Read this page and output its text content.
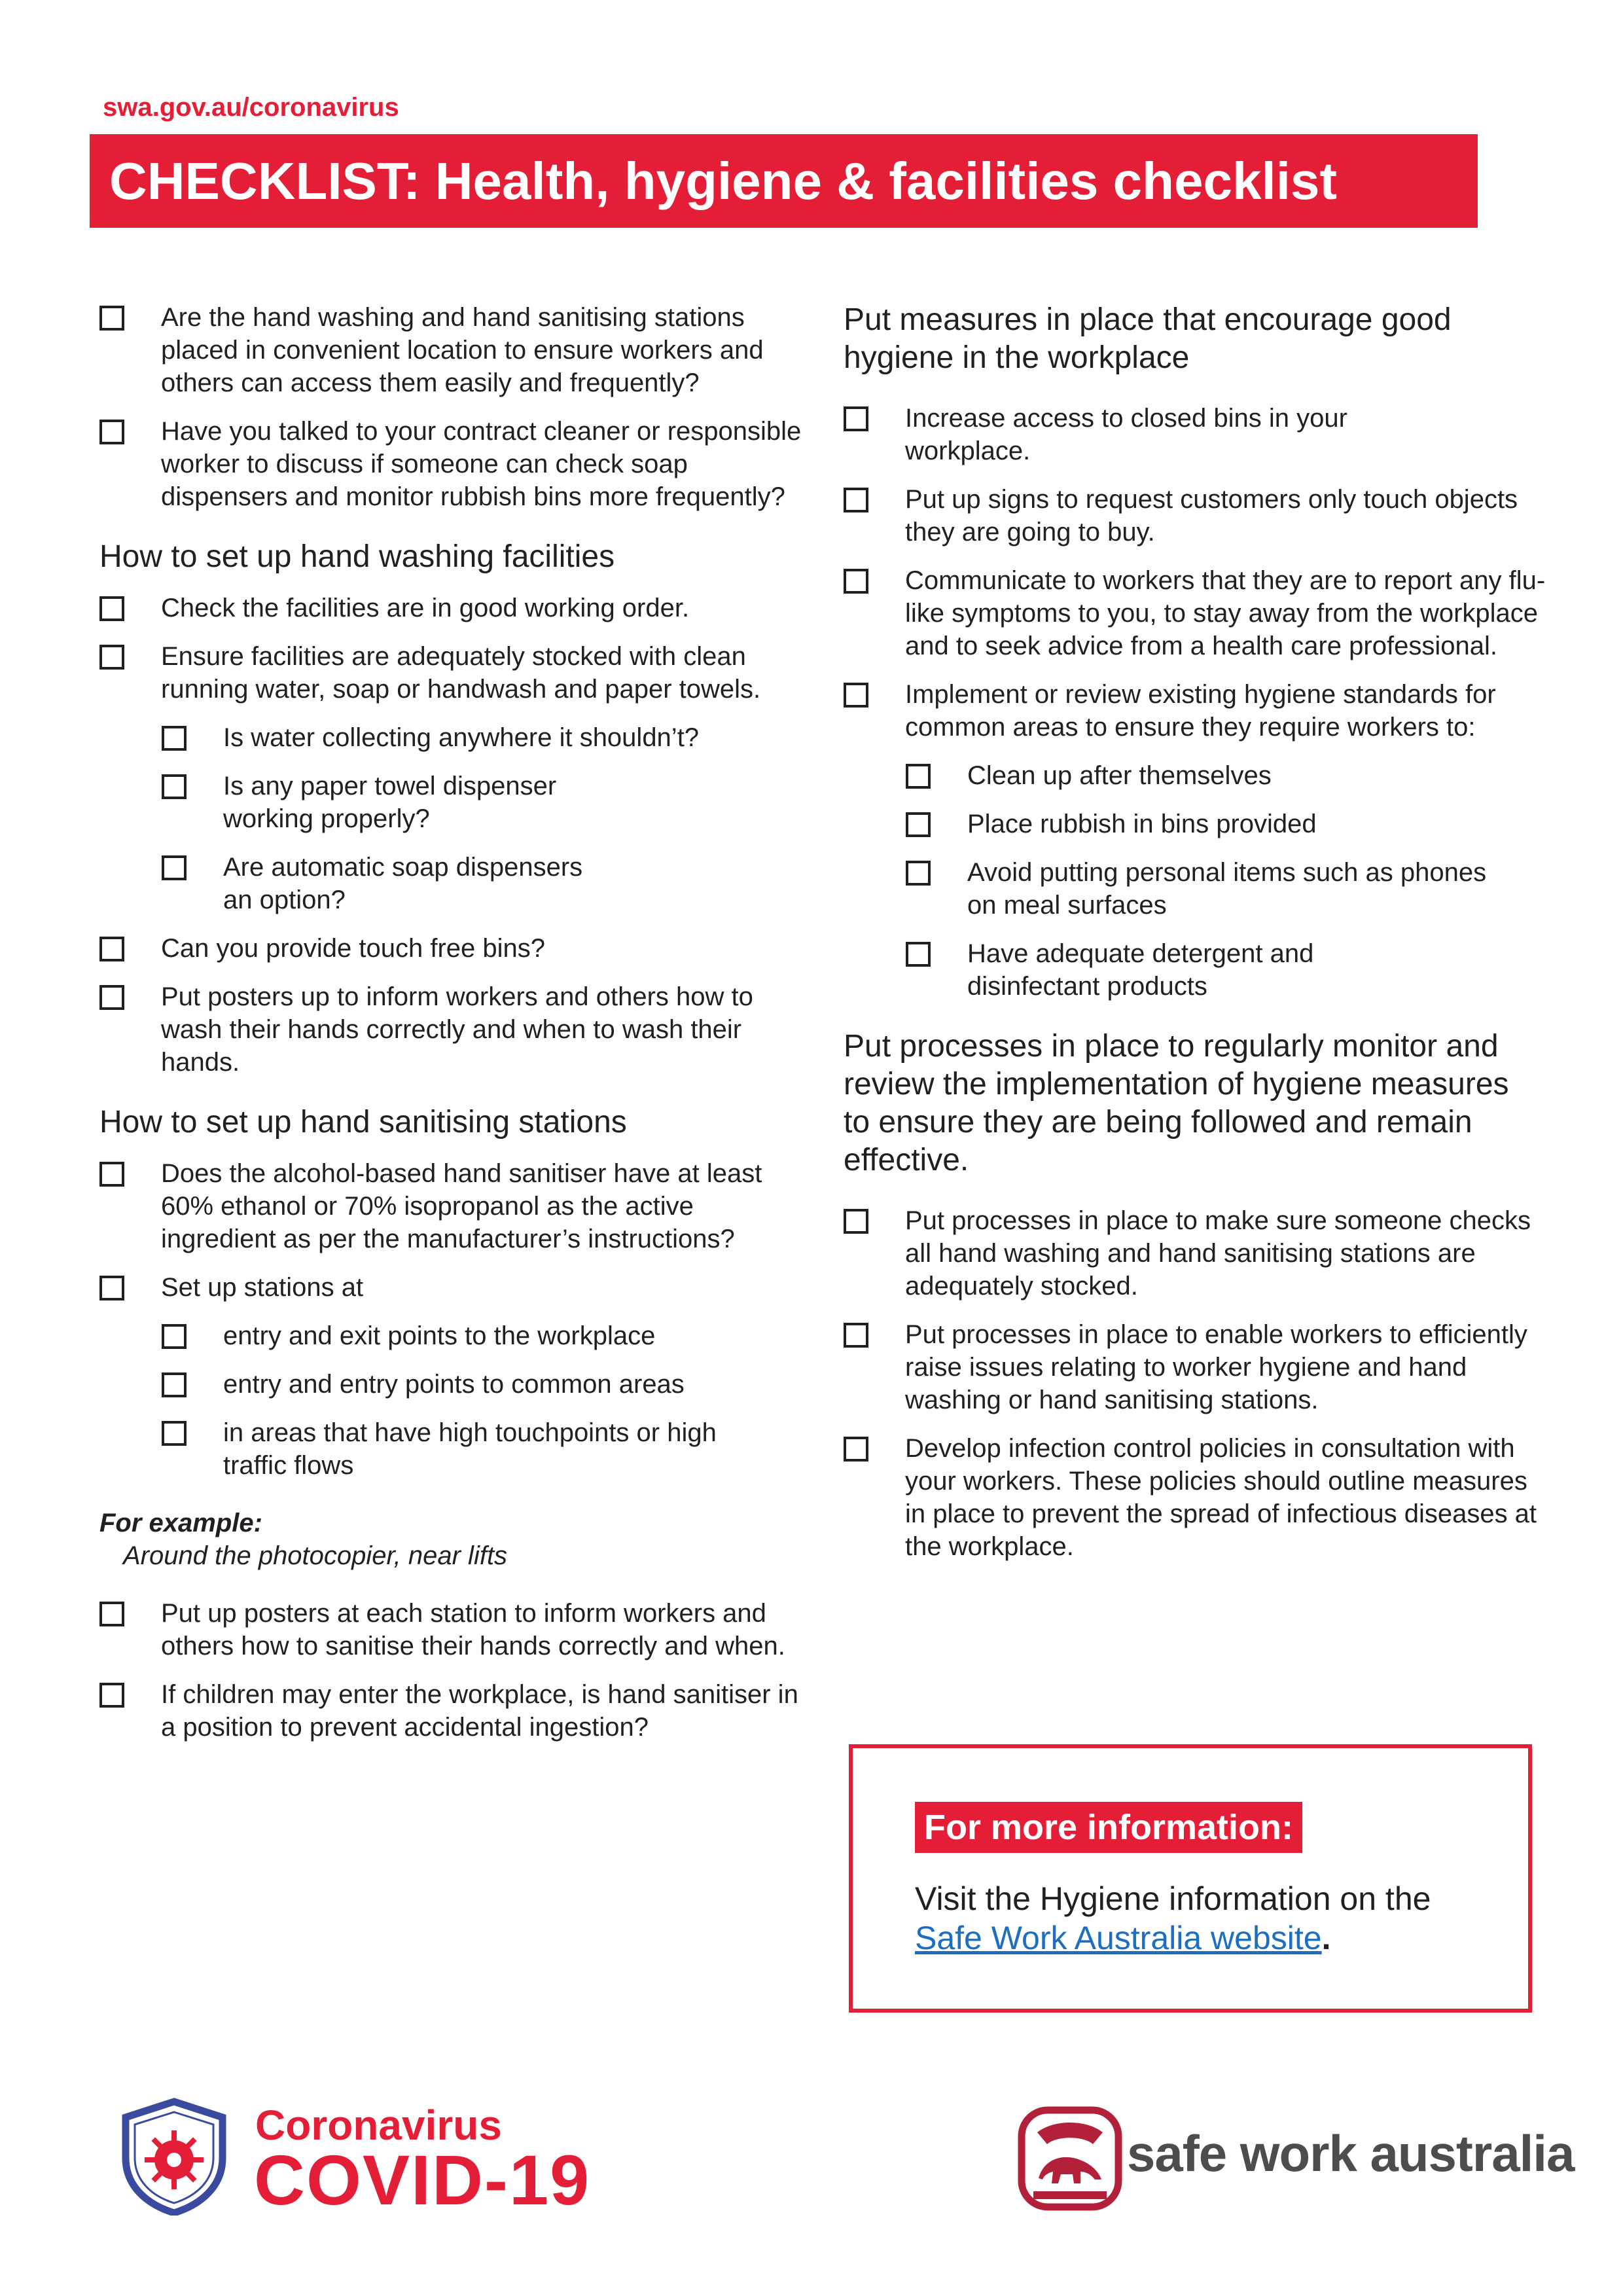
swa.gov.au/coronavirus
CHECKLIST: Health, hygiene & facilities checklist
Are the hand washing and hand sanitising stations placed in convenient location to ensure workers and others can access them easily and frequently?
Have you talked to your contract cleaner or responsible worker to discuss if someone can check soap dispensers and monitor rubbish bins more frequently?
How to set up hand washing facilities
Check the facilities are in good working order.
Ensure facilities are adequately stocked with clean running water, soap or handwash and paper towels.
Is water collecting anywhere it shouldn’t?
Is any paper towel dispenser working properly?
Are automatic soap dispensers an option?
Can you provide touch free bins?
Put posters up to inform workers and others how to wash their hands correctly and when to wash their hands.
How to set up hand sanitising stations
Does the alcohol-based hand sanitiser have at least 60% ethanol or 70% isopropanol as the active ingredient as per the manufacturer’s instructions?
Set up stations at
entry and exit points to the workplace
entry and entry points to common areas
in areas that have high touchpoints or high traffic flows
For example:
Around the photocopier, near lifts
Put up posters at each station to inform workers and others how to sanitise their hands correctly and when.
If children may enter the workplace, is hand sanitiser in a position to prevent accidental ingestion?
Put measures in place that encourage good hygiene in the workplace
Increase access to closed bins in your workplace.
Put up signs to request customers only touch objects they are going to buy.
Communicate to workers that they are to report any flu-like symptoms to you, to stay away from the workplace and to seek advice from a health care professional.
Implement or review existing hygiene standards for common areas to ensure they require workers to:
Clean up after themselves
Place rubbish in bins provided
Avoid putting personal items such as phones on meal surfaces
Have adequate detergent and disinfectant products
Put processes in place to regularly monitor and review the implementation of hygiene measures to ensure they are being followed and remain effective.
Put processes in place to make sure someone checks all hand washing and hand sanitising stations are adequately stocked.
Put processes in place to enable workers to efficiently raise issues relating to worker hygiene and hand washing or hand sanitising stations.
Develop infection control policies in consultation with your workers. These policies should outline measures in place to prevent the spread of infectious diseases at the workplace.
For more information:
Visit the Hygiene information on the Safe Work Australia website.
Coronavirus
COVID-19	safe work australia
